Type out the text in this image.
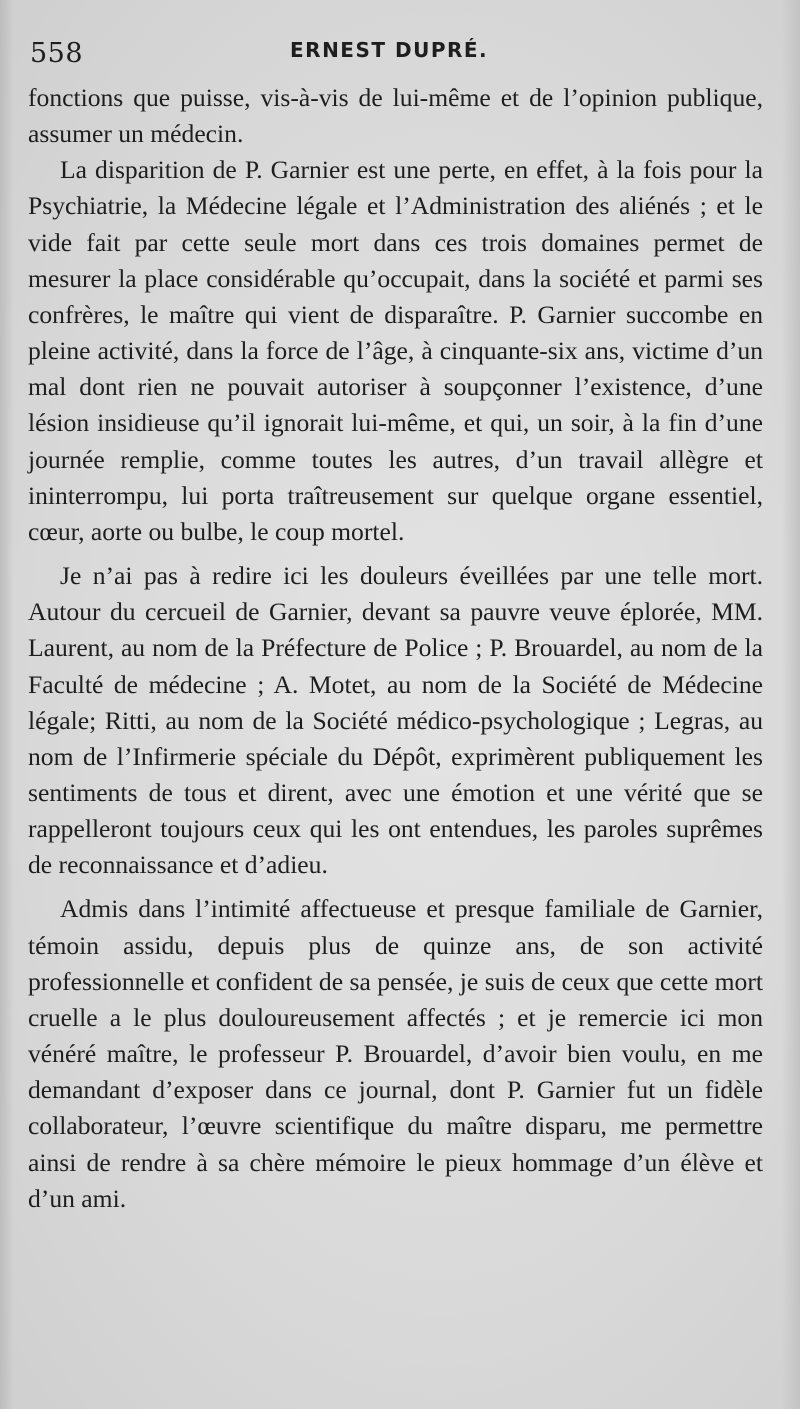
558	ERNEST DUPRÉ.

fonctions que puisse, vis-à-vis de lui-même et de l’opinion publique, assumer un médecin.

La disparition de P. Garnier est une perte, en effet, à la fois pour la Psychiatrie, la Médecine légale et l’Administration des aliénés ; et le vide fait par cette seule mort dans ces trois domaines permet de mesurer la place considérable qu’occupait, dans la société et parmi ses confrères, le maître qui vient de disparaître. P. Garnier succombe en pleine activité, dans la force de l’âge, à cinquante-six ans, victime d’un mal dont rien ne pouvait autoriser à soupçonner l’existence, d’une lésion insidieuse qu’il ignorait lui-même, et qui, un soir, à la fin d’une journée remplie, comme toutes les autres, d’un travail allègre et ininterrompu, lui porta traîtreusement sur quelque organe essentiel, cœur, aorte ou bulbe, le coup mortel.

Je n’ai pas à redire ici les douleurs éveillées par une telle mort. Autour du cercueil de Garnier, devant sa pauvre veuve éplorée, MM. Laurent, au nom de la Préfecture de Police ; P. Brouardel, au nom de la Faculté de médecine ; A. Motet, au nom de la Société de Médecine légale; Ritti, au nom de la Société médico-psychologique ; Legras, au nom de l’Infirmerie spéciale du Dépôt, exprimèrent publiquement les sentiments de tous et dirent, avec une émotion et une vérité que se rappelleront toujours ceux qui les ont entendues, les paroles suprêmes de reconnaissance et d’adieu.

Admis dans l’intimité affectueuse et presque familiale de Garnier, témoin assidu, depuis plus de quinze ans, de son activité professionnelle et confident de sa pensée, je suis de ceux que cette mort cruelle a le plus douloureusement affectés ; et je remercie ici mon vénéré maître, le professeur P. Brouardel, d’avoir bien voulu, en me demandant d’exposer dans ce journal, dont P. Garnier fut un fidèle collaborateur, l’œuvre scientifique du maître disparu, me permettre ainsi de rendre à sa chère mémoire le pieux hommage d’un élève et d’un ami.
